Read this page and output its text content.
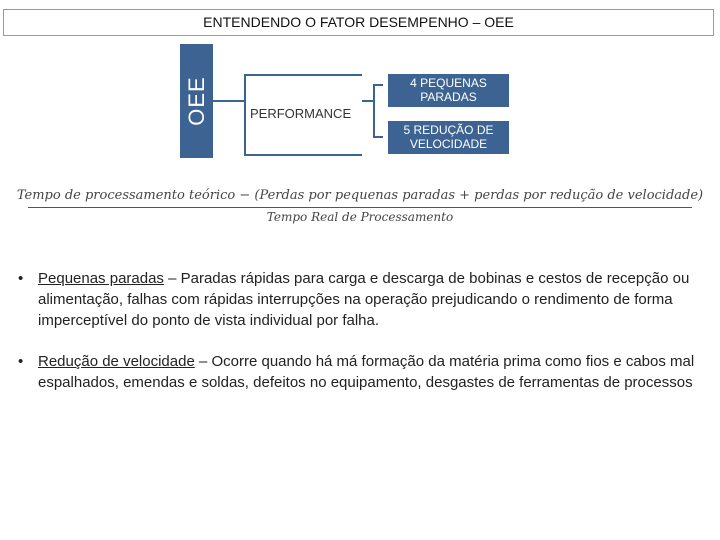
ENTENDENDO O FATOR DESEMPENHO – OEE
OEE	PERFORMANCE
4 PEQUENAS PARADAS
5 REDUÇÃO DE VELOCIDADE
Tempo de processamento teórico − (Perdas por pequenas paradas + perdas por redução de velocidade)
Tempo Real de Processamento
• Pequenas paradas – Paradas rápidas para carga e descarga de bobinas e cestos de recepção ou alimentação, falhas com rápidas interrupções na operação prejudicando o rendimento de forma imperceptível do ponto de vista individual por falha.
• Redução de velocidade – Ocorre quando há má formação da matéria prima como fios e cabos mal espalhados, emendas e soldas, defeitos no equipamento, desgastes de ferramentas de processos
